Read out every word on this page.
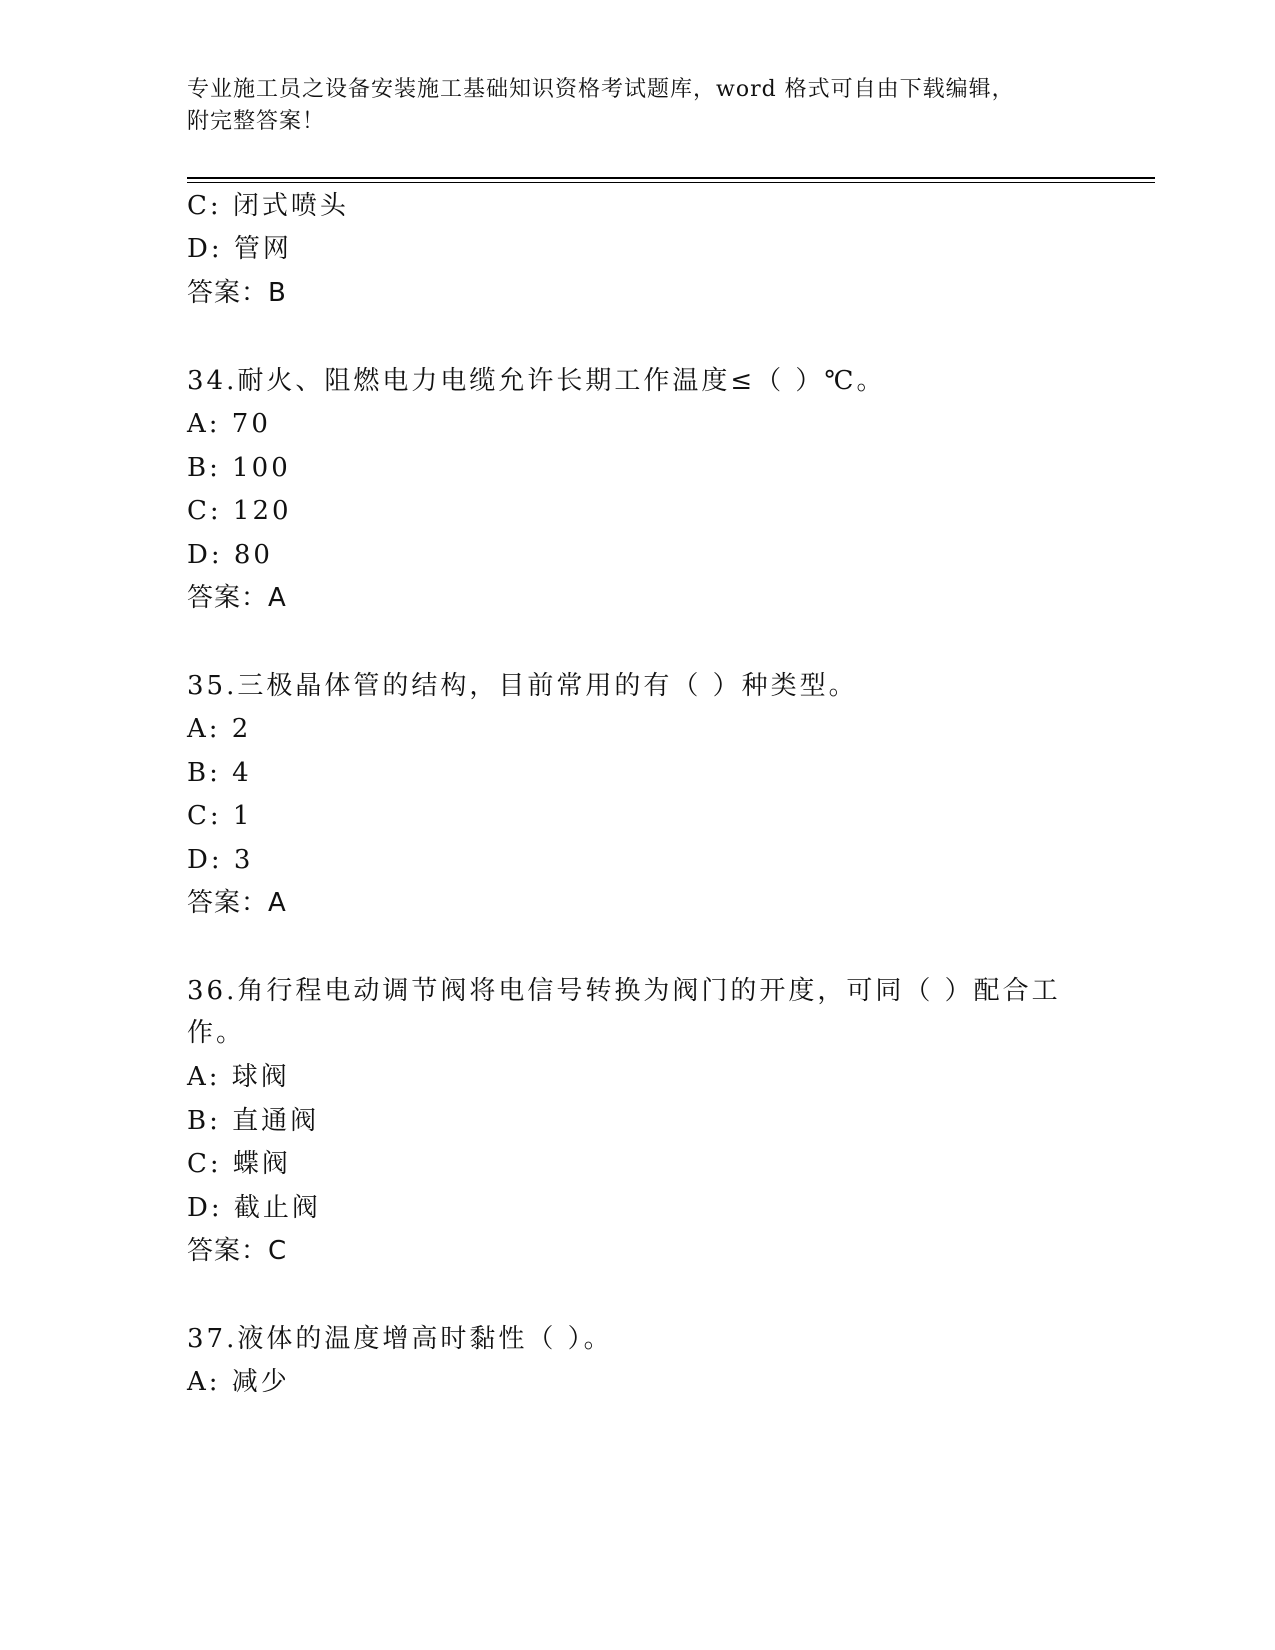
专业施工员之设备安装施工基础知识资格考试题库，word 格式可自由下载编辑，
附完整答案！
C: 闭式喷头
D: 管网
答案：B
34.耐火、阻燃电力电缆允许长期工作温度≤（ ）℃。
A: 70
B: 100
C: 120
D: 80
答案：A
35.三极晶体管的结构，目前常用的有（ ）种类型。
A: 2
B: 4
C: 1
D: 3
答案：A
36.角行程电动调节阀将电信号转换为阀门的开度，可同（ ）配合工
作。
A: 球阀
B: 直通阀
C: 蝶阀
D: 截止阀
答案：C
37.液体的温度增高时黏性（ ）。
A: 减少
